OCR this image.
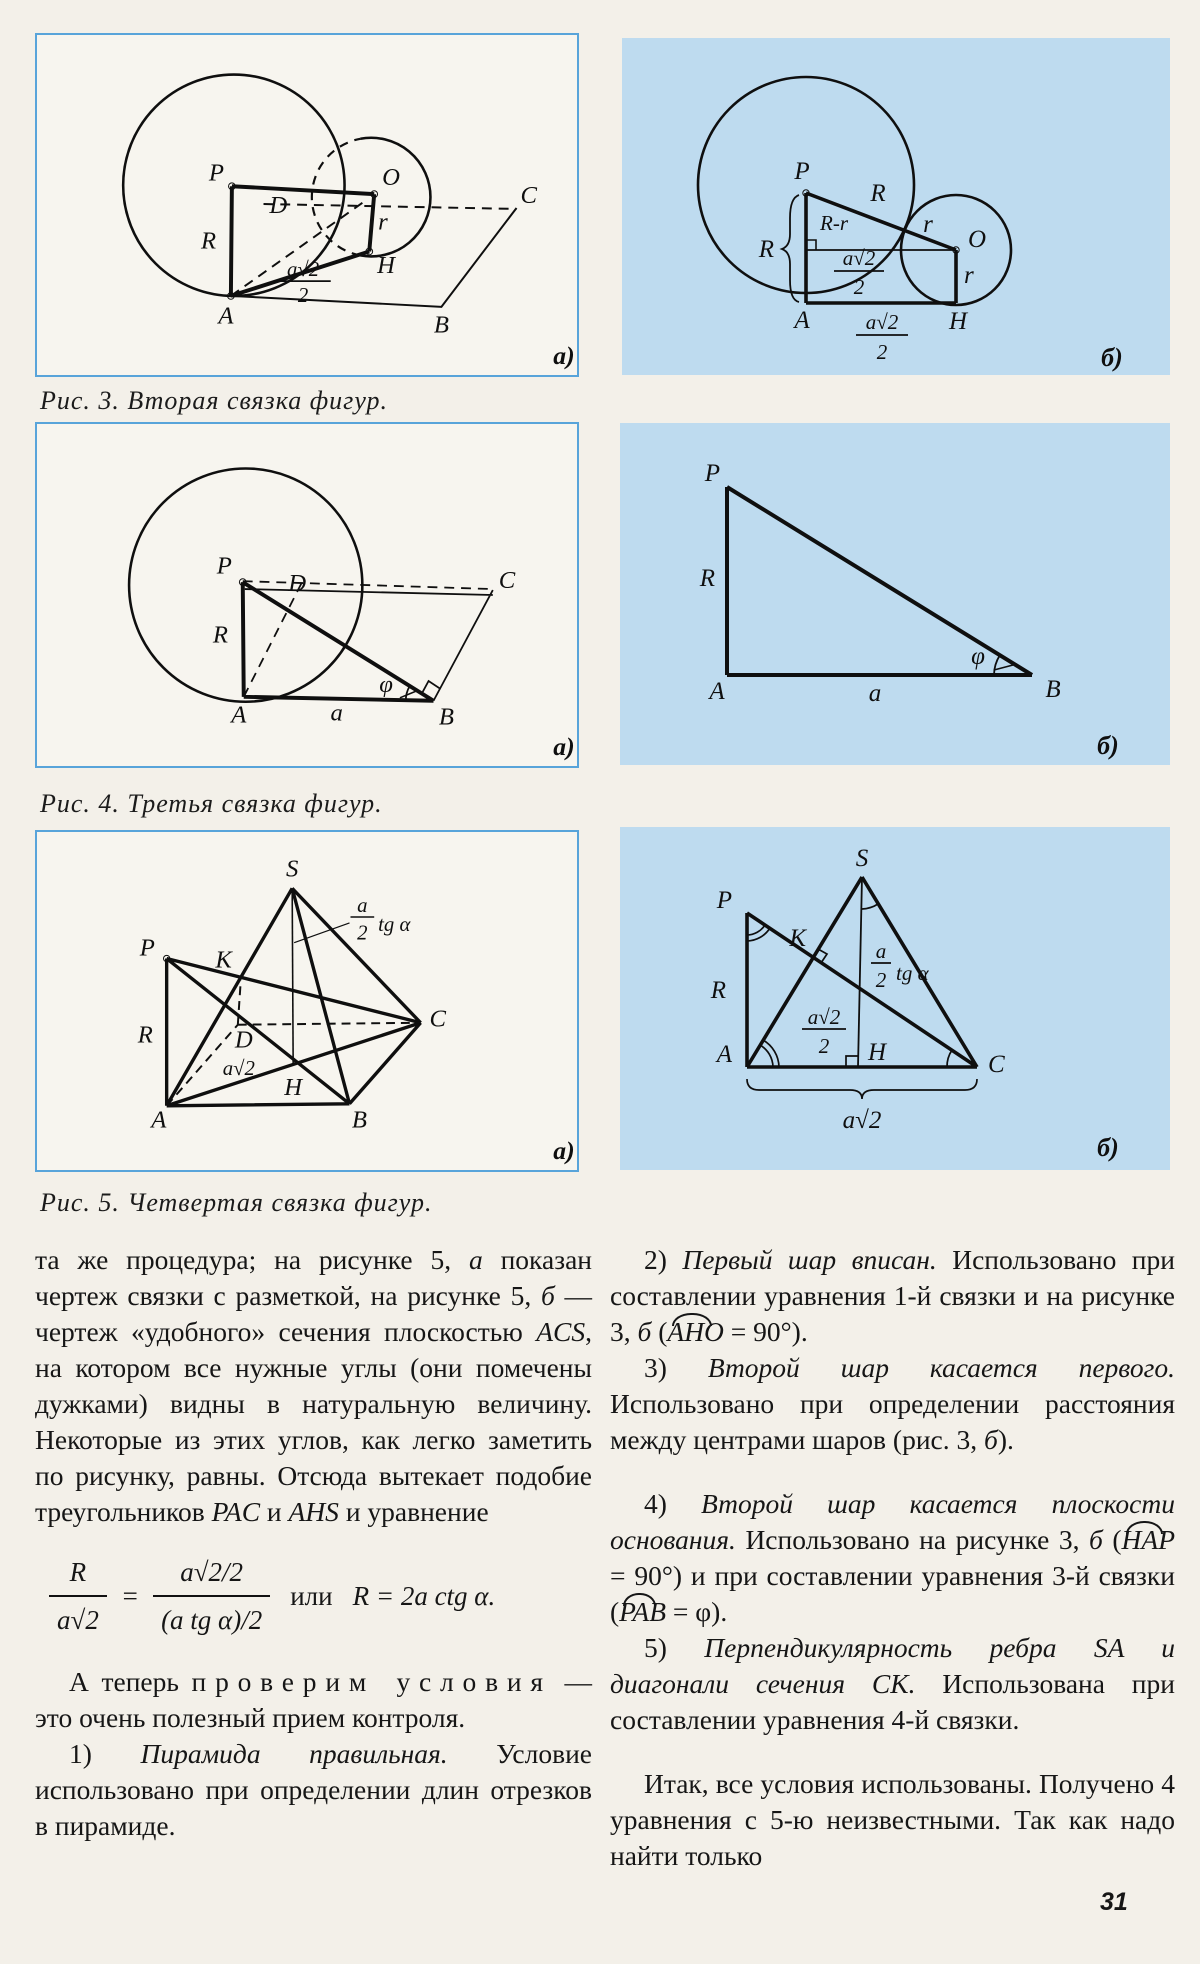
P	O
D
r
R
H
A	B
C
a√2
2
а)
P
R
R-r
R
r
O
r
A	H
a√2
2
a√2
2	б)
Рис. 3. Вторая связка фигур.
P
D	C
R
φ
a
A	B
а)
P
R
A	a
φ
B
б)
Рис. 4. Третья связка фигур.
S
P K
C
R	D
a√2
H
A	B
a
2 tg α
а)
S
P
K
R
A	H	C
a√2
2
a
2 tg α
a√2
б)
Рис. 5. Четвертая связка фигур.

та же процедура; на рисунке 5, а показан чертеж связки с разметкой, на рисунке 5, б — чертеж «удобного» сечения плоскостью ACS, на котором все нужные углы (они помечены дужками) видны в натуральную величину. Некоторые из этих углов, как легко заметить по рисунку, равны. Отсюда вытекает подобие треугольников PAC и AHS и уравнение

$\frac{R}{a√2} = \frac{a√2/2}{\text{(a tg α)/2}}$ или R = 2a ctg α.

А теперь проверим условия — это очень полезный прием контроля.

1) Пирамида правильная. Условие использовано при определении длин отрезков в пирамиде.

2) Первый шар вписан. Использовано при составлении уравнения 1-й связки и на рисунке 3, б (AHO = 90°).

3) Второй шар касается первого. Использовано при определении расстояния между центрами шаров (рис. 3, б).

4) Второй шар касается плоскости основания. Использовано на рисунке 3, б (HAP = 90°) и при составлении уравнения 3-й связки (PAB = φ).

5) Перпендикулярность ребра SA и диагонали сечения CK. Использована при составлении уравнения 4-й связки.

Итак, все условия использованы. Получено 4 уравнения с 5-ю неизвестными. Так как надо найти только

31
